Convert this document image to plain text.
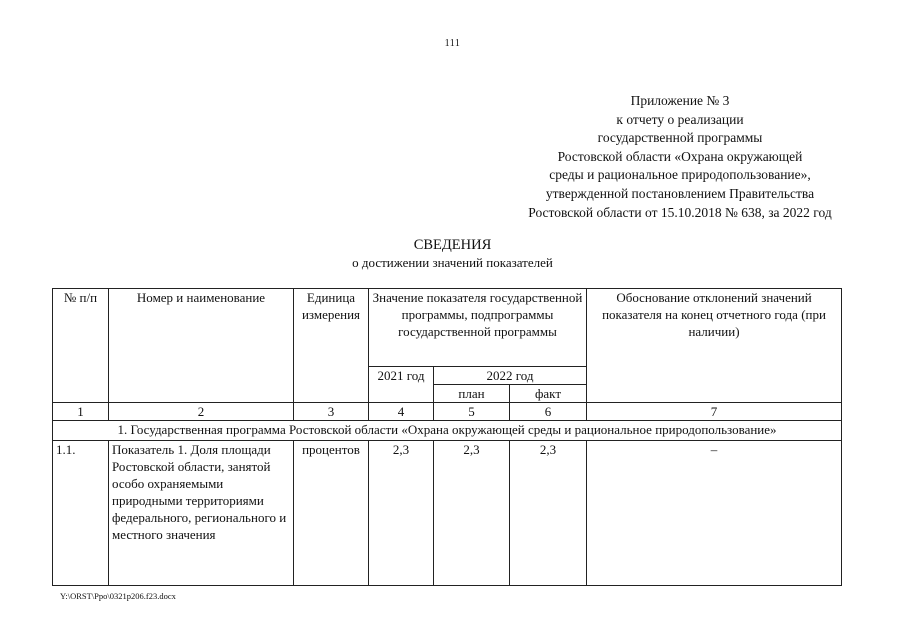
111
Приложение № 3
к отчету о реализации
государственной программы
Ростовской области «Охрана окружающей
среды и рациональное природопользование»,
утвержденной постановлением Правительства
Ростовской области от 15.10.2018 № 638, за 2022 год
СВЕДЕНИЯ
о достижении значений показателей
№ п/п	Номер и наименование	Единица измерения	Значение показателя государственной программы, подпрограммы государственной программы			Обоснование отклонений значений показателя на конец отчетного года (при наличии)
			2021 год	2022 год		
				план	факт	
1	2	3	4	5	6	7
1. Государственная программа Ростовской области «Охрана окружающей среды и рациональное природопользование»						
1.1.	Показатель 1. Доля площади Ростовской области, занятой особо охраняемыми природными территориями федерального, регионального и местного значения	процентов	2,3	2,3	2,3	–
Y:\ORST\Ppo\0321p206.f23.docx
